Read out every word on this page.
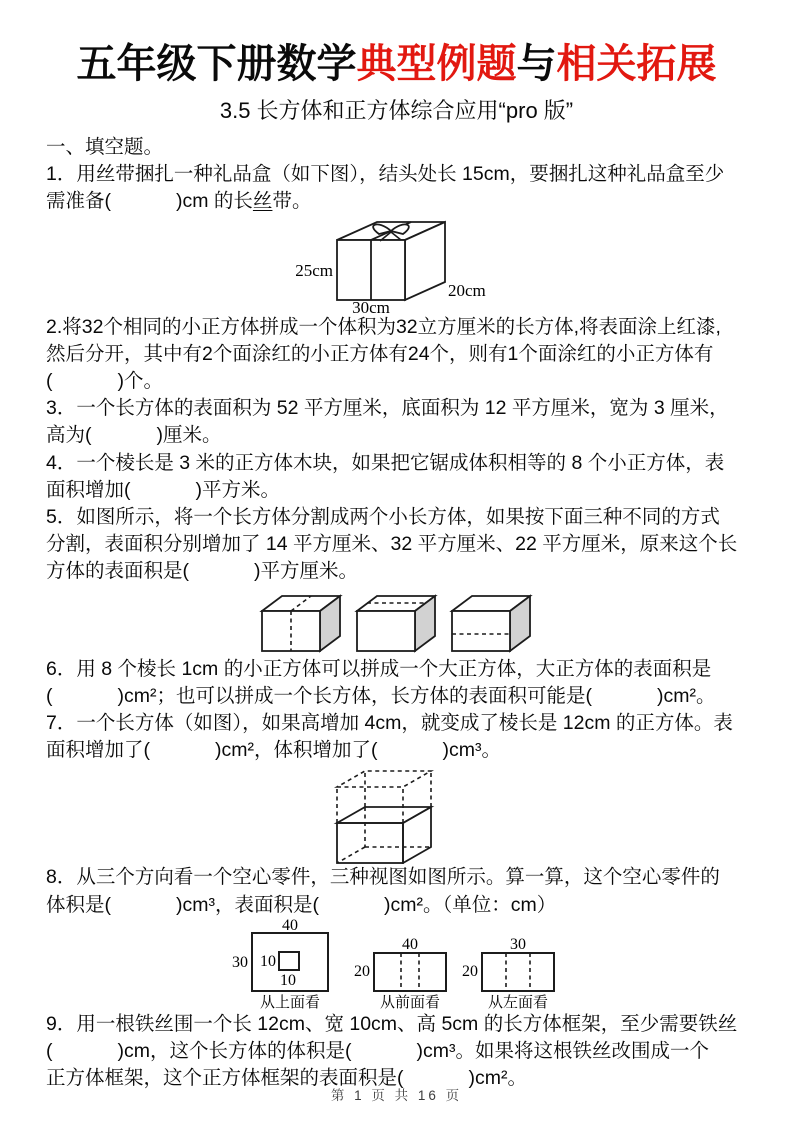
五年级下册数学典型例题与相关拓展
3.5 长方体和正方体综合应用“pro 版”
一、填空题。
1．用丝带捆扎一种礼品盒（如下图），结头处长 15cm，要捆扎这种礼品盒至少
需准备(            )cm 的长丝带。
25cm
30cm
20cm
2.将32个相同的小正方体拼成一个体积为32立方厘米的长方体,将表面涂上红漆,
然后分开，其中有2个面涂红的小正方体有24个，则有1个面涂红的小正方体有
(            )个。
3．一个长方体的表面积为 52 平方厘米，底面积为 12 平方厘米，宽为 3 厘米，
高为(            )厘米。
4．一个棱长是 3 米的正方体木块，如果把它锯成体积相等的 8 个小正方体，表
面积增加(            )平方米。
5．如图所示，将一个长方体分割成两个小长方体，如果按下面三种不同的方式
分割，表面积分别增加了 14 平方厘米、32 平方厘米、22 平方厘米，原来这个长
方体的表面积是(            )平方厘米。
6．用 8 个棱长 1cm 的小正方体可以拼成一个大正方体，大正方体的表面积是
(            )cm²；也可以拼成一个长方体，长方体的表面积可能是(            )cm²。
7．一个长方体（如图），如果高增加 4cm，就变成了棱长是 12cm 的正方体。表
面积增加了(            )cm²，体积增加了(            )cm³。
8．从三个方向看一个空心零件，三种视图如图所示。算一算，这个空心零件的
体积是(            )cm³，表面积是(            )cm²。（单位：cm）
40
30 10
10
从上面看
40
20
从前面看
30
20
从左面看
9．用一根铁丝围一个长 12cm、宽 10cm、高 5cm 的长方体框架，至少需要铁丝
(            )cm，这个长方体的体积是(            )cm³。如果将这根铁丝改围成一个
正方体框架，这个正方体框架的表面积是(            )cm²。
第 1 页 共 16 页
